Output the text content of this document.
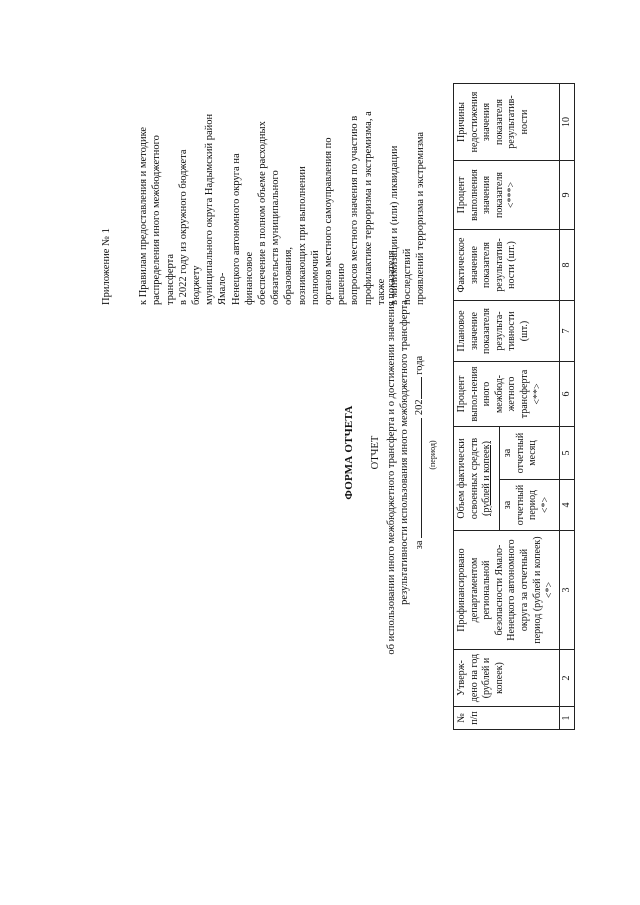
Приложение № 1 к Правилам предоставления и методике распределения иного межбюджетного трансферта в 2022 году из окружного бюджета бюджету муниципального округа Надымский район Ямало- Ненецкого автономного округа на финансовое обеспечение в полном объеме расходных обязательств муниципального образования, возникающих при выполнении полномочий органов местного самоуправления по решению вопросов местного значения по участию в профилактике терроризма и экстремизма, а также в минимизации и (или) ликвидации последствий проявлений терроризма и экстремизма
ФОРМА ОТЧЕТА ОТЧЕТ об использовании иного межбюджетного трансферта и о достижении значения показателя результативности использования иного межбюджетного трансферта за  202 года
(период)
№ п/п	Утверж-дено на год (рублей и копеек)	Профинансировано департаментом региональной безопасности Ямало-Ненецкого автономного округа за отчетный период (рублей и копеек) <*>	Объем фактически освоенных средств (рублей и копеек)		Процент выпол-нения иного межбюд-жетного трансферта <**>	Плановое значение показателя результа-тивности (шт.)	Фактическое значение показателя результатив-ности (шт.)	Процент выполнения значения показателя <***>	Причины недостижения значения показателя результатив-ности
			за отчетный период <*>	за отчетный месяц					
1	2	3	4	5	6	7	8	9	10
